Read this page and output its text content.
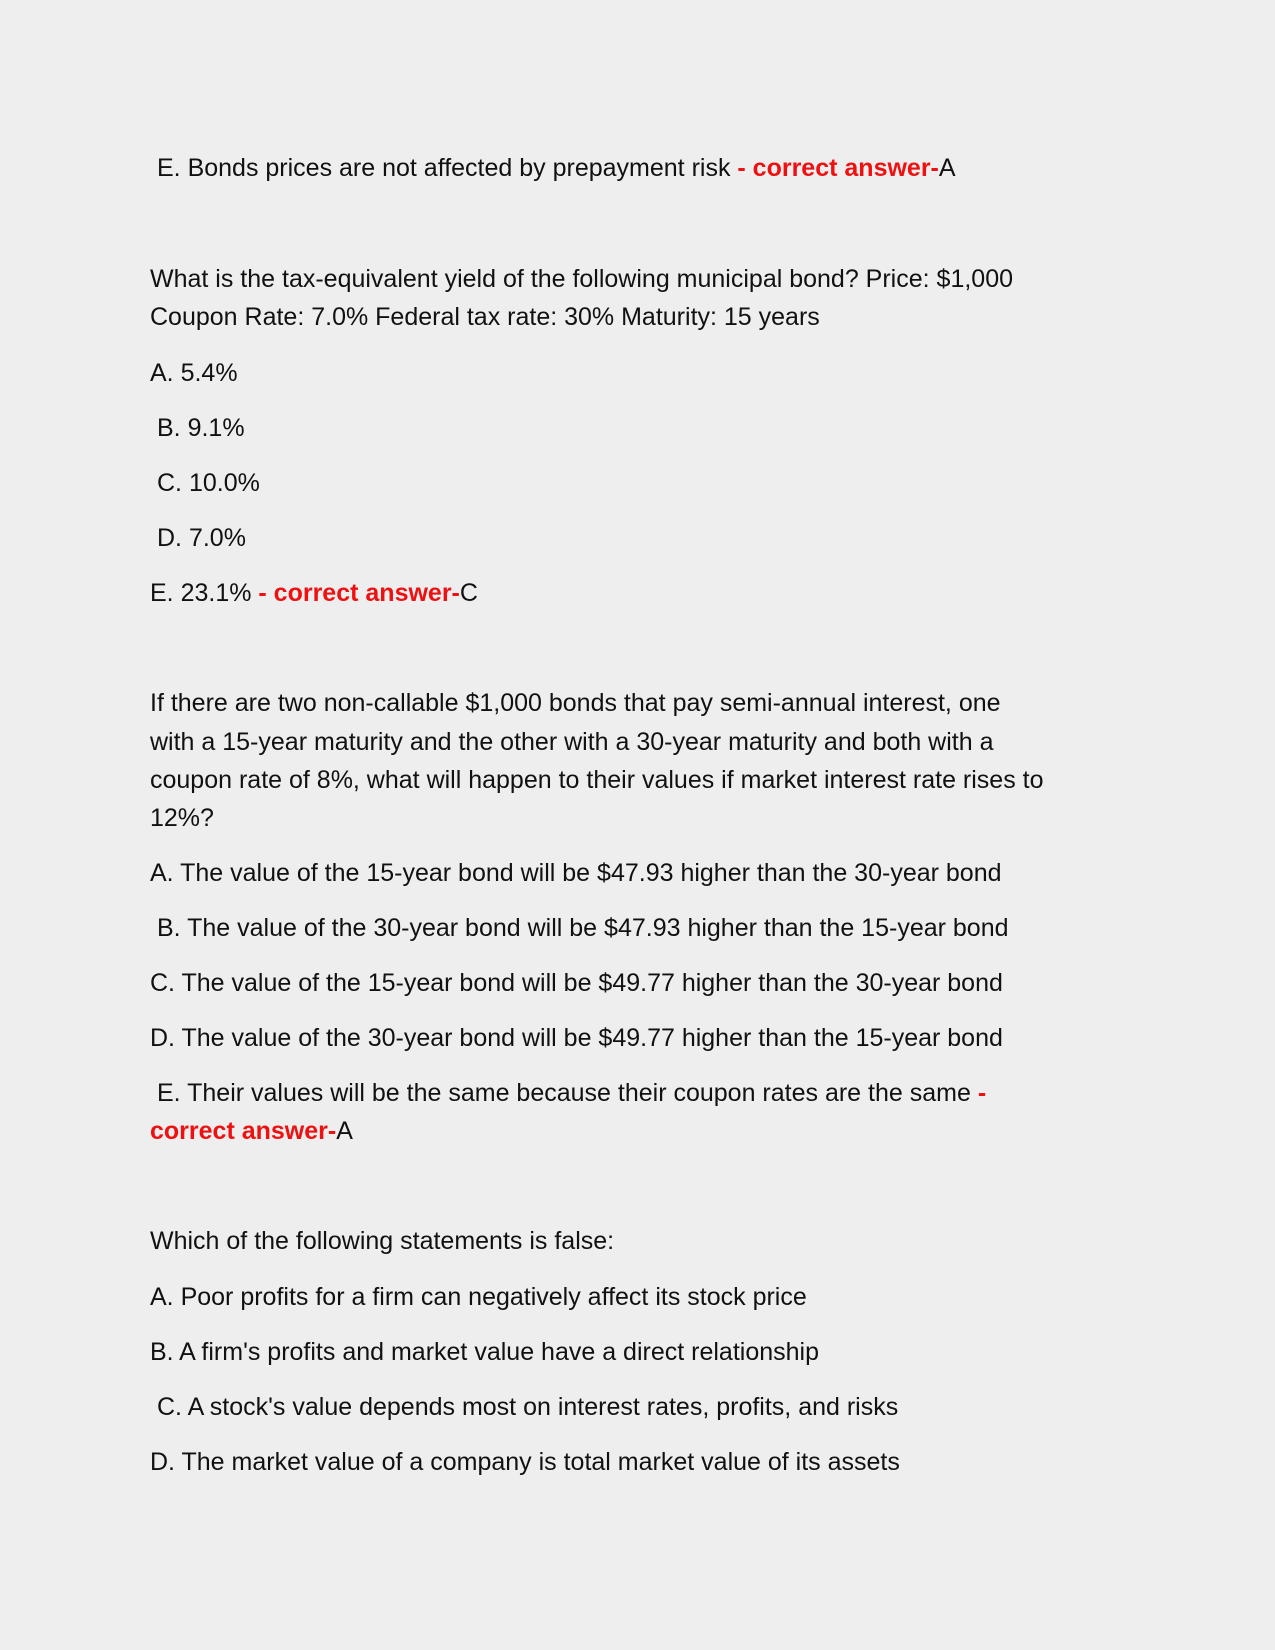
E. Bonds prices are not affected by prepayment risk - correct answer-A

What is the tax-equivalent yield of the following municipal bond? Price: $1,000

Coupon Rate: 7.0% Federal tax rate: 30% Maturity: 15 years

A. 5.4%

B. 9.1%

C. 10.0%

D. 7.0%

E. 23.1% - correct answer-C

If there are two non-callable $1,000 bonds that pay semi-annual interest, one

with a 15-year maturity and the other with a 30-year maturity and both with a

coupon rate of 8%, what will happen to their values if market interest rate rises to

12%?

A. The value of the 15-year bond will be $47.93 higher than the 30-year bond

B. The value of the 30-year bond will be $47.93 higher than the 15-year bond

C. The value of the 15-year bond will be $49.77 higher than the 30-year bond

D. The value of the 30-year bond will be $49.77 higher than the 15-year bond

E. Their values will be the same because their coupon rates are the same -

correct answer-A

Which of the following statements is false:

A. Poor profits for a firm can negatively affect its stock price

B. A firm's profits and market value have a direct relationship

C. A stock's value depends most on interest rates, profits, and risks

D. The market value of a company is total market value of its assets
